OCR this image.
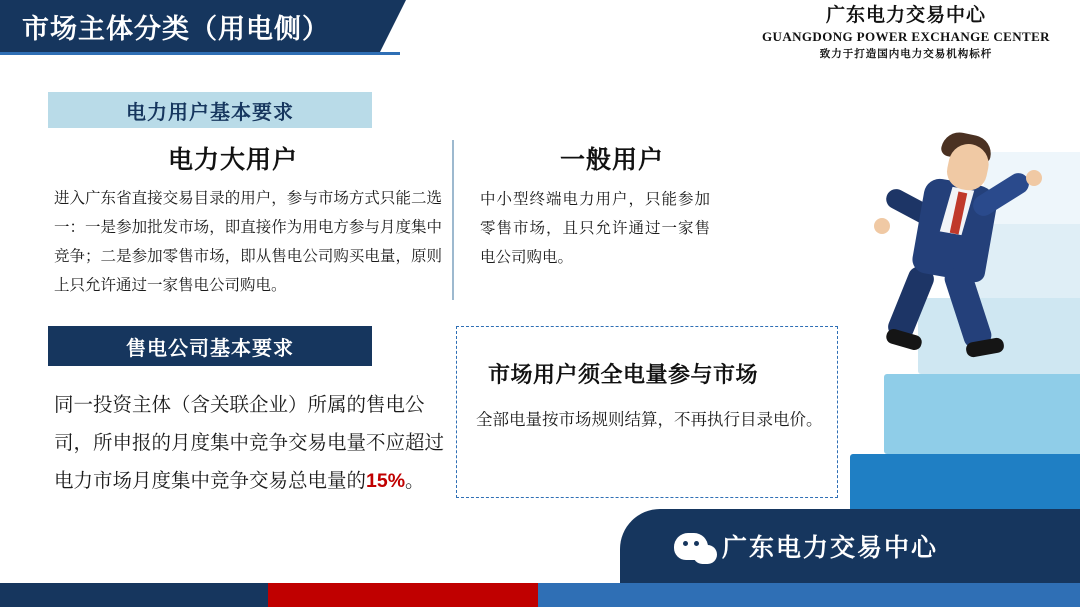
市场主体分类（用电侧）	广东电力交易中心
GUANGDONG POWER EXCHANGE CENTER
致力于打造国内电力交易机构标杆
电力用户基本要求
电力大用户
进入广东省直接交易目录的用户，参与市场方式只能二选一：一是参加批发市场，即直接作为用电方参与月度集中竞争；二是参加零售市场，即从售电公司购买电量，原则上只允许通过一家售电公司购电。
售电公司基本要求
同一投资主体（含关联企业）所属的售电公司，所申报的月度集中竞争交易电量不应超过电力市场月度集中竞争交易总电量的15%。
一般用户
中小型终端电力用户，只能参加零售市场，且只允许通过一家售电公司购电。
市场用户须全电量参与市场
全部电量按市场规则结算，不再执行目录电价。
广东电力交易中心
